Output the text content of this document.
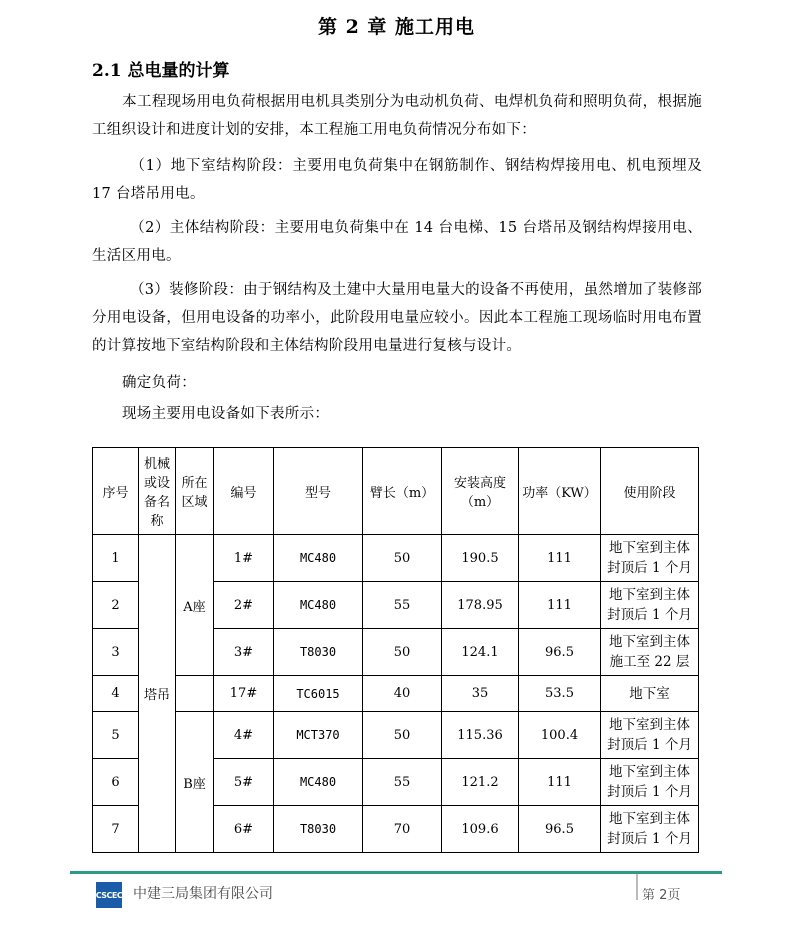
第 2 章 施工用电
2.1 总电量的计算
本工程现场用电负荷根据用电机具类别分为电动机负荷、电焊机负荷和照明负荷，根据施工组织设计和进度计划的安排，本工程施工用电负荷情况分布如下：
（1）地下室结构阶段：主要用电负荷集中在钢筋制作、钢结构焊接用电、机电预埋及 17 台塔吊用电。
（2）主体结构阶段：主要用电负荷集中在 14 台电梯、15 台塔吊及钢结构焊接用电、生活区用电。
（3）装修阶段：由于钢结构及土建中大量用电量大的设备不再使用，虽然增加了装修部分用电设备，但用电设备的功率小，此阶段用电量应较小。因此本工程施工现场临时用电布置的计算按地下室结构阶段和主体结构阶段用电量进行复核与设计。
确定负荷：
现场主要用电设备如下表所示：
序号	机械或设备名称	所在区域	编号	型号	臂长（m）	安装高度（m）	功率（KW）	使用阶段
1	塔吊	A座	1#	MC480	50	190.5	111	地下室到主体封顶后 1 个月
2			2#	MC480	55	178.95	111	地下室到主体封顶后 1 个月
3			3#	T8030	50	124.1	96.5	地下室到主体施工至 22 层
4			17#	TC6015	40	35	53.5	地下室
5		B座	4#	MCT370	50	115.36	100.4	地下室到主体封顶后 1 个月
6			5#	MC480	55	121.2	111	地下室到主体封顶后 1 个月
7			6#	T8030	70	109.6	96.5	地下室到主体封顶后 1 个月
CSCEC 中建三局集团有限公司	第 2页
